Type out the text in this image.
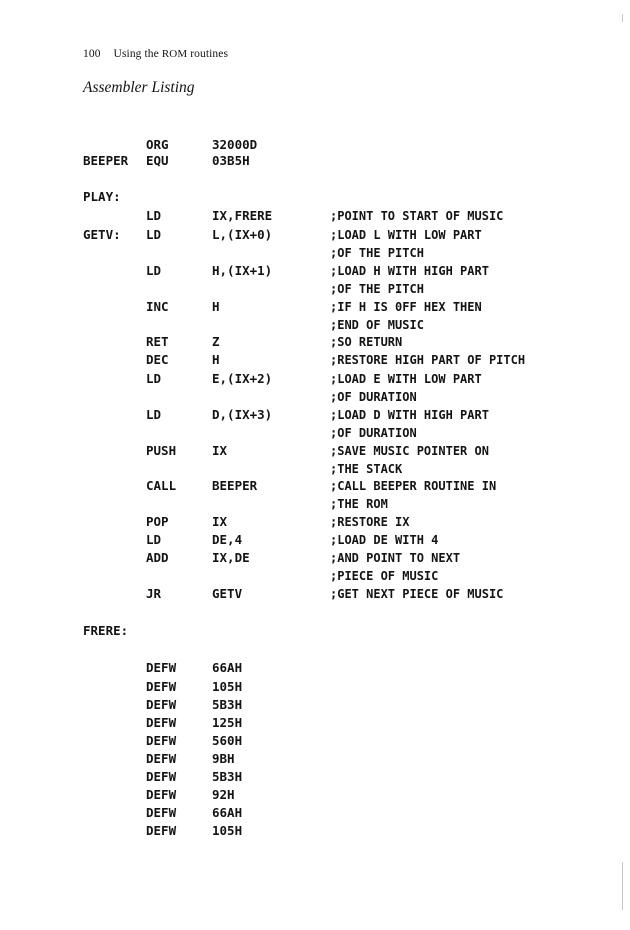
100 Using the ROM routines
Assembler Listing
ORG	32000D
BEEPER EQU	03B5H
PLAY:
LD	IX,FRERE	;POINT TO START OF MUSIC
GETV: LD	L,(IX+0)	;LOAD L WITH LOW PART
;OF THE PITCH
LD	H,(IX+1)	;LOAD H WITH HIGH PART
;OF THE PITCH
INC	H	;IF H IS 0FF HEX THEN
;END OF MUSIC
RET	Z	;SO RETURN
DEC	H	;RESTORE HIGH PART OF PITCH
LD	E,(IX+2)	;LOAD E WITH LOW PART
;OF DURATION
LD	D,(IX+3)	;LOAD D WITH HIGH PART
;OF DURATION
PUSH	IX	;SAVE MUSIC POINTER ON
;THE STACK
CALL	BEEPER	;CALL BEEPER ROUTINE IN
;THE ROM
POP	IX	;RESTORE IX
LD	DE,4	;LOAD DE WITH 4
ADD	IX,DE	;AND POINT TO NEXT
;PIECE OF MUSIC
JR	GETV	;GET NEXT PIECE OF MUSIC
FRERE:
DEFW	66AH
DEFW	105H
DEFW	5B3H
DEFW	125H
DEFW	560H
DEFW	9BH
DEFW	5B3H
DEFW	92H
DEFW	66AH
DEFW	105H
